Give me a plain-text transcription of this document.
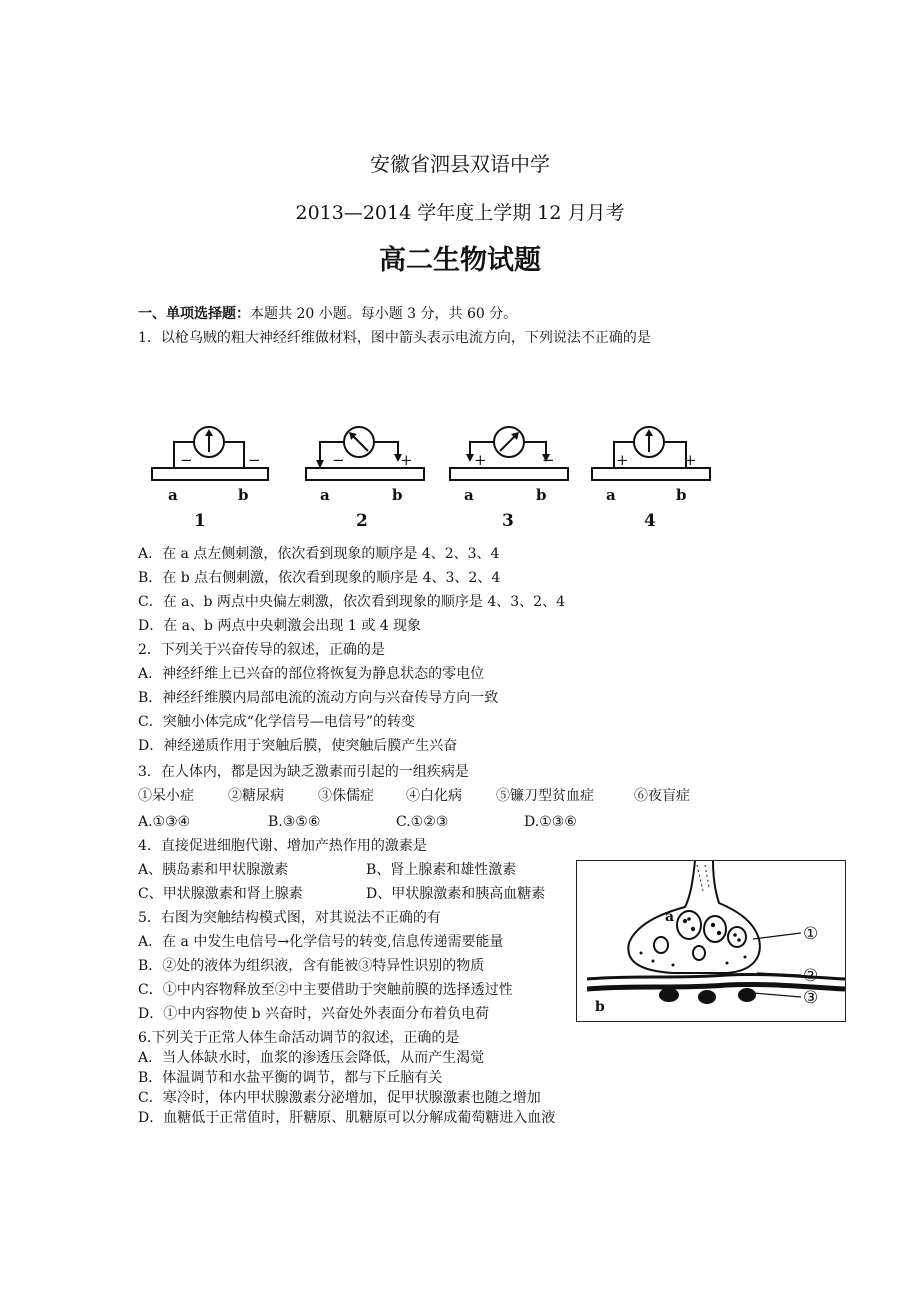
安徽省泗县双语中学
2013—2014 学年度上学期 12 月月考
高二生物试题
一、单项选择题：本题共 20 小题。每小题 3 分，共 60 分。
1．以枪乌贼的粗大神经纤维做材料，图中箭头表示电流方向，下列说法不正确的是
−	−
a	b
1
−	+
a	b
2
+	−
a	b
3
+	+
a	b
4
A．在 a 点左侧刺激，依次看到现象的顺序是 4、2、3、4
B．在 b 点右侧刺激，依次看到现象的顺序是 4、3、2、4
C．在 a、b 两点中央偏左刺激，依次看到现象的顺序是 4、3、2、4
D．在 a、b 两点中央刺激会出现 1 或 4 现象
2．下列关于兴奋传导的叙述，正确的是
A．神经纤维上已兴奋的部位将恢复为静息状态的零电位
B．神经纤维膜内局部电流的流动方向与兴奋传导方向一致
C．突触小体完成“化学信号—电信号”的转变
D．神经递质作用于突触后膜，使突触后膜产生兴奋
3．在人体内，都是因为缺乏激素而引起的一组疾病是
①呆小症 ②糖尿病 ③侏儒症 ④白化病 ⑤镰刀型贫血症	⑥夜盲症
A.①③④	B.③⑤⑥	C.①②③	D.①③⑥
4．直接促进细胞代谢、增加产热作用的激素是
A、胰岛素和甲状腺激素	B、肾上腺素和雄性激素
C、甲状腺激素和肾上腺素	D、甲状腺激素和胰高血糖素
5．右图为突触结构模式图，对其说法不正确的有
A．在 a 中发生电信号→化学信号的转变,信息传递需要能量
B．②处的液体为组织液，含有能被③特异性识别的物质
C．①中内容物释放至②中主要借助于突触前膜的选择透过性
D．①中内容物使 b 兴奋时，兴奋处外表面分布着负电荷
a
b
①
②
③
6.下列关于正常人体生命活动调节的叙述，正确的是
A．当人体缺水时，血浆的渗透压会降低，从而产生渴觉
B．体温调节和水盐平衡的调节，都与下丘脑有关
C．寒冷时，体内甲状腺激素分泌增加，促甲状腺激素也随之增加
D．血糖低于正常值时，肝糖原、肌糖原可以分解成葡萄糖进入血液
